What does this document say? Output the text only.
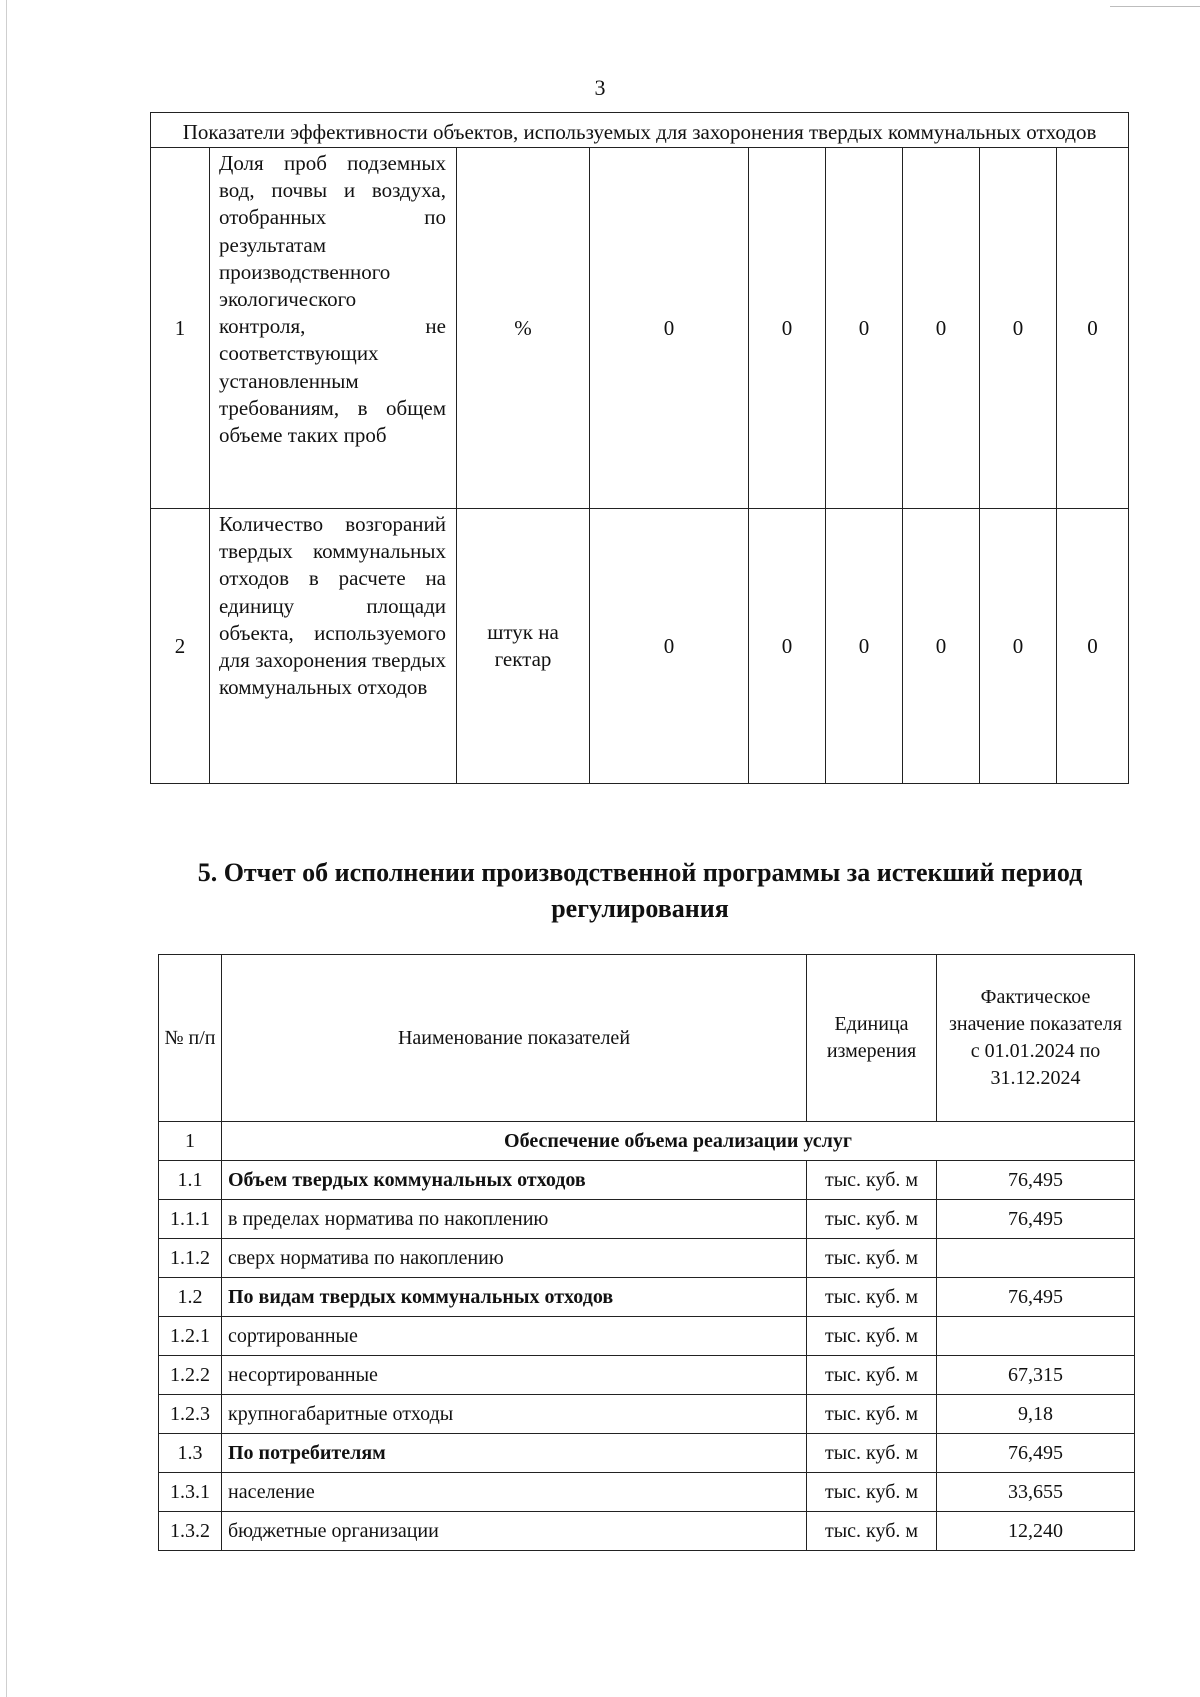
3
Показатели эффективности объектов, используемых для захоронения твердых коммунальных отходов								
1	Доля проб подземных вод, почвы и воздуха, отобранных по результатам производственного экологического контроля, не соответствующих установленным требованиям, в общем объеме таких проб	%	0	0	0	0	0	0
2	Количество возгораний твердых коммунальных отходов в расчете на единицу площади объекта, используемого для захоронения твердых коммунальных отходов	штук на гектар	0	0	0	0	0	0
5. Отчет об исполнении производственной программы за истекший период регулирования
№ п/п	Наименование показателей	Единица измерения	Фактическое значение показателя с 01.01.2024 по 31.12.2024
1	Обеспечение объема реализации услуг		
1.1	Объем твердых коммунальных отходов	тыс. куб. м	76,495
1.1.1	в пределах норматива по накоплению	тыс. куб. м	76,495
1.1.2	сверх норматива по накоплению	тыс. куб. м	
1.2	По видам твердых коммунальных отходов	тыс. куб. м	76,495
1.2.1	сортированные	тыс. куб. м	
1.2.2	несортированные	тыс. куб. м	67,315
1.2.3	крупногабаритные отходы	тыс. куб. м	9,18
1.3	По потребителям	тыс. куб. м	76,495
1.3.1	население	тыс. куб. м	33,655
1.3.2	бюджетные организации	тыс. куб. м	12,240
